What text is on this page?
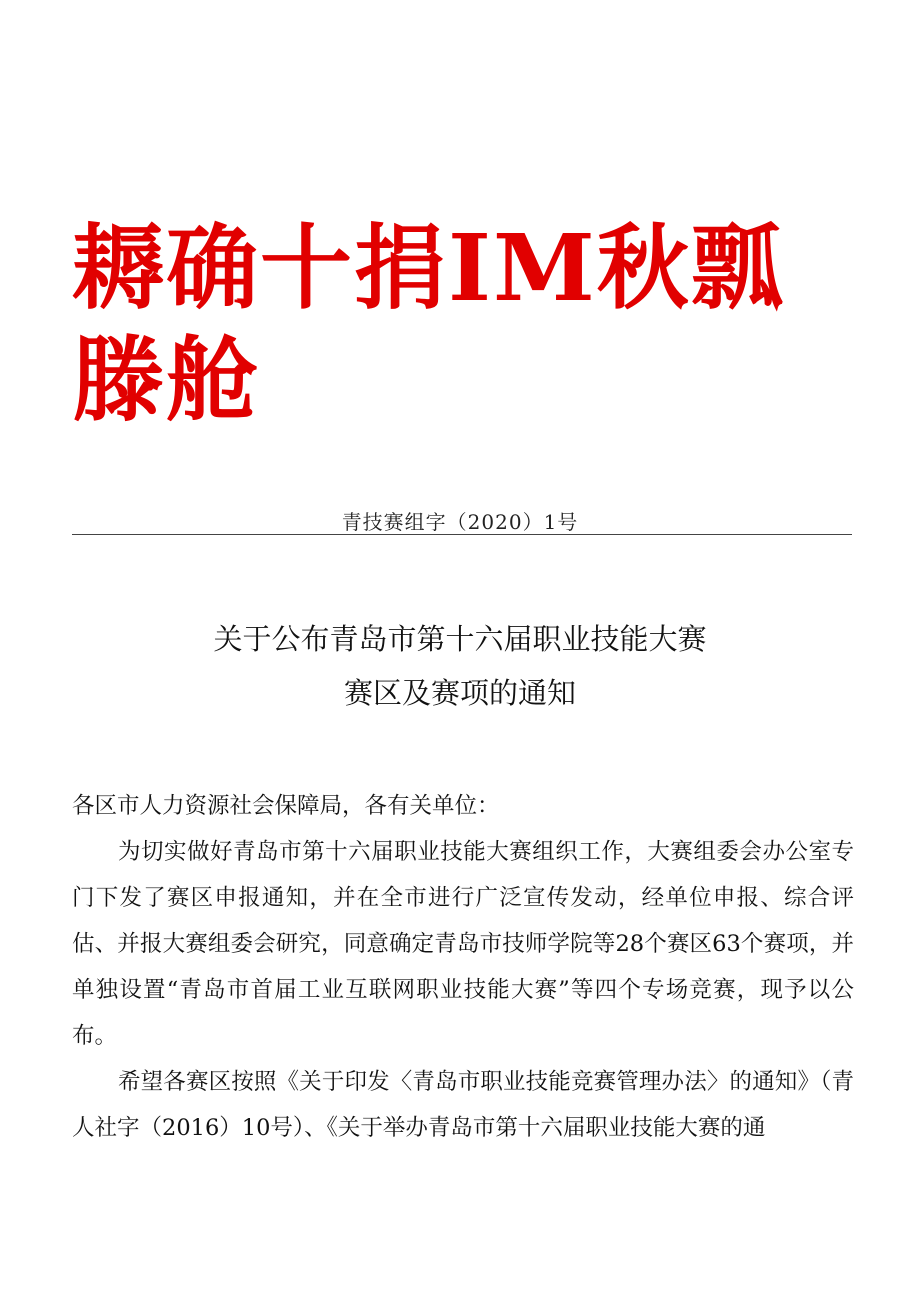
耨确十捐IM秋瓢
滕舱
青技赛组字（2020）1号
关于公布青岛市第十六届职业技能大赛
赛区及赛项的通知

各区市人力资源社会保障局，各有关单位：

为切实做好青岛市第十六届职业技能大赛组织工作，大赛组委会办公室专门下发了赛区申报通知，并在全市进行广泛宣传发动，经单位申报、综合评估、并报大赛组委会研究，同意确定青岛市技师学院等28个赛区63个赛项，并单独设置“青岛市首届工业互联网职业技能大赛”等四个专场竞赛，现予以公布。

希望各赛区按照《关于印发〈青岛市职业技能竞赛管理办法〉的通知》（青人社字（2016）10号）、《关于举办青岛市第十六届职业技能大赛的通
